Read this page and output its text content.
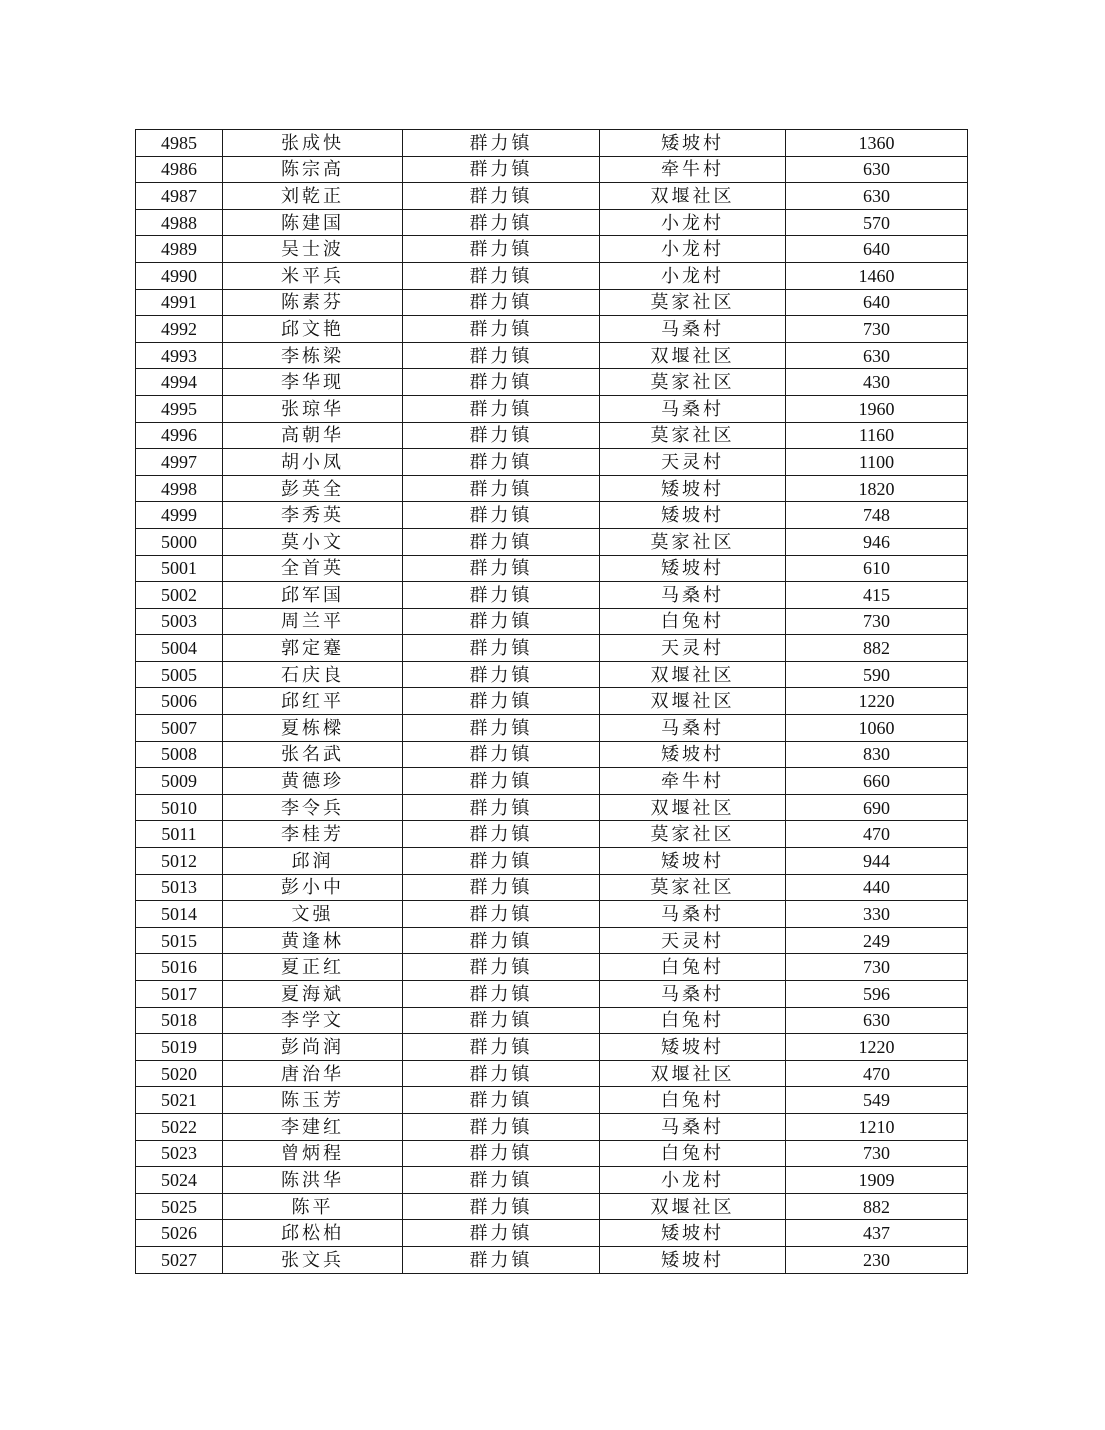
4985	张成快	群力镇	矮坡村	1360
4986	陈宗高	群力镇	牵牛村	630
4987	刘乾正	群力镇	双堰社区	630
4988	陈建国	群力镇	小龙村	570
4989	吴士波	群力镇	小龙村	640
4990	米平兵	群力镇	小龙村	1460
4991	陈素芬	群力镇	莫家社区	640
4992	邱文艳	群力镇	马桑村	730
4993	李栋梁	群力镇	双堰社区	630
4994	李华现	群力镇	莫家社区	430
4995	张琼华	群力镇	马桑村	1960
4996	高朝华	群力镇	莫家社区	1160
4997	胡小凤	群力镇	天灵村	1100
4998	彭英全	群力镇	矮坡村	1820
4999	李秀英	群力镇	矮坡村	748
5000	莫小文	群力镇	莫家社区	946
5001	全首英	群力镇	矮坡村	610
5002	邱军国	群力镇	马桑村	415
5003	周兰平	群力镇	白兔村	730
5004	郭定蹇	群力镇	天灵村	882
5005	石庆良	群力镇	双堰社区	590
5006	邱红平	群力镇	双堰社区	1220
5007	夏栋樑	群力镇	马桑村	1060
5008	张名武	群力镇	矮坡村	830
5009	黄德珍	群力镇	牵牛村	660
5010	李令兵	群力镇	双堰社区	690
5011	李桂芳	群力镇	莫家社区	470
5012	邱润	群力镇	矮坡村	944
5013	彭小中	群力镇	莫家社区	440
5014	文强	群力镇	马桑村	330
5015	黄逢林	群力镇	天灵村	249
5016	夏正红	群力镇	白兔村	730
5017	夏海斌	群力镇	马桑村	596
5018	李学文	群力镇	白兔村	630
5019	彭尚润	群力镇	矮坡村	1220
5020	唐治华	群力镇	双堰社区	470
5021	陈玉芳	群力镇	白兔村	549
5022	李建红	群力镇	马桑村	1210
5023	曾炳程	群力镇	白兔村	730
5024	陈洪华	群力镇	小龙村	1909
5025	陈平	群力镇	双堰社区	882
5026	邱松柏	群力镇	矮坡村	437
5027	张文兵	群力镇	矮坡村	230
